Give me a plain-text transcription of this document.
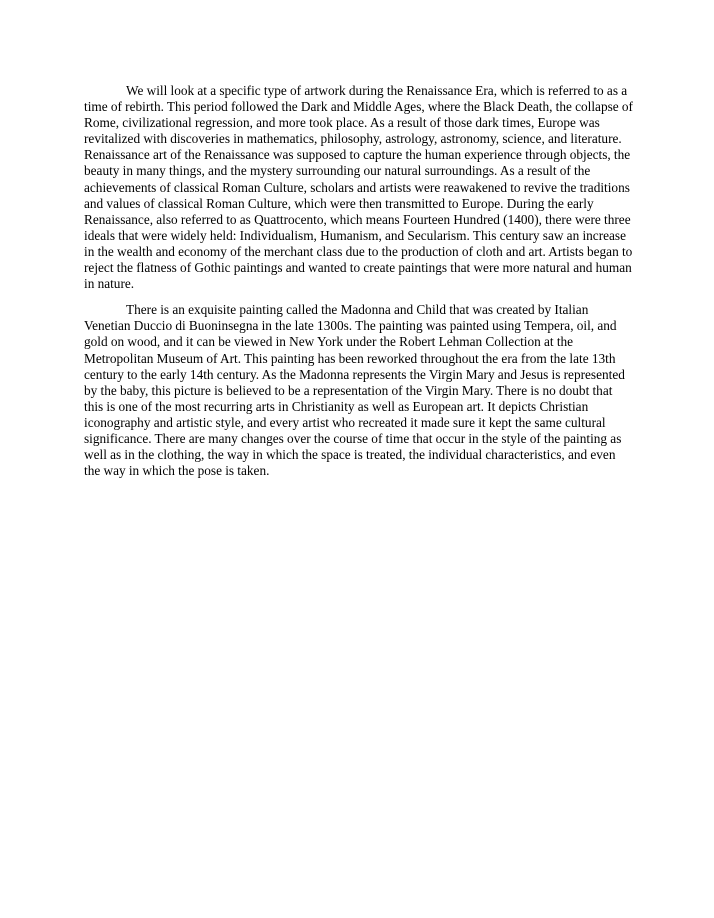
We will look at a specific type of artwork during the Renaissance Era, which is referred to as a time of rebirth. This period followed the Dark and Middle Ages, where the Black Death, the collapse of Rome, civilizational regression, and more took place. As a result of those dark times, Europe was revitalized with discoveries in mathematics, philosophy, astrology, astronomy, science, and literature. Renaissance art of the Renaissance was supposed to capture the human experience through objects, the beauty in many things, and the mystery surrounding our natural surroundings. As a result of the achievements of classical Roman Culture, scholars and artists were reawakened to revive the traditions and values of classical Roman Culture, which were then transmitted to Europe. During the early Renaissance, also referred to as Quattrocento, which means Fourteen Hundred (1400), there were three ideals that were widely held: Individualism, Humanism, and Secularism. This century saw an increase in the wealth and economy of the merchant class due to the production of cloth and art. Artists began to reject the flatness of Gothic paintings and wanted to create paintings that were more natural and human in nature.

There is an exquisite painting called the Madonna and Child that was created by Italian Venetian Duccio di Buoninsegna in the late 1300s. The painting was painted using Tempera, oil, and gold on wood, and it can be viewed in New York under the Robert Lehman Collection at the Metropolitan Museum of Art. This painting has been reworked throughout the era from the late 13th century to the early 14th century. As the Madonna represents the Virgin Mary and Jesus is represented by the baby, this picture is believed to be a representation of the Virgin Mary. There is no doubt that this is one of the most recurring arts in Christianity as well as European art. It depicts Christian iconography and artistic style, and every artist who recreated it made sure it kept the same cultural significance. There are many changes over the course of time that occur in the style of the painting as well as in the clothing, the way in which the space is treated, the individual characteristics, and even the way in which the pose is taken.
